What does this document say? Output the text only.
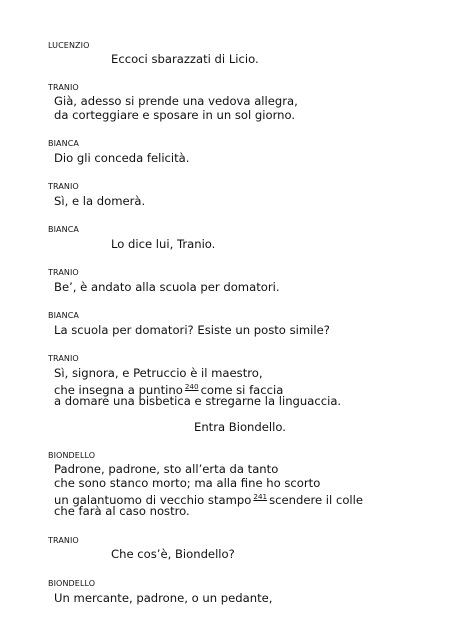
LUCENZIO
Eccoci sbarazzati di Licio.
TRANIO
Già, adesso si prende una vedova allegra,
da corteggiare e sposare in un sol giorno.
BIANCA
Dio gli conceda felicità.
TRANIO
Sì, e la domerà.
BIANCA
Lo dice lui, Tranio.
TRANIO
Be’, è andato alla scuola per domatori.
BIANCA
La scuola per domatori? Esiste un posto simile?
TRANIO
Sì, signora, e Petruccio è il maestro,
che insegna a puntino $^{240}$ come si faccia
a domare una bisbetica e stregarne la linguaccia.
Entra Biondello.
BIONDELLO
Padrone, padrone, sto all’erta da tanto
che sono stanco morto; ma alla fine ho scorto
un galantuomo di vecchio stampo $^{241}$ scendere il colle
che farà al caso nostro.
TRANIO
Che cos’è, Biondello?
BIONDELLO
Un mercante, padrone, o un pedante,
